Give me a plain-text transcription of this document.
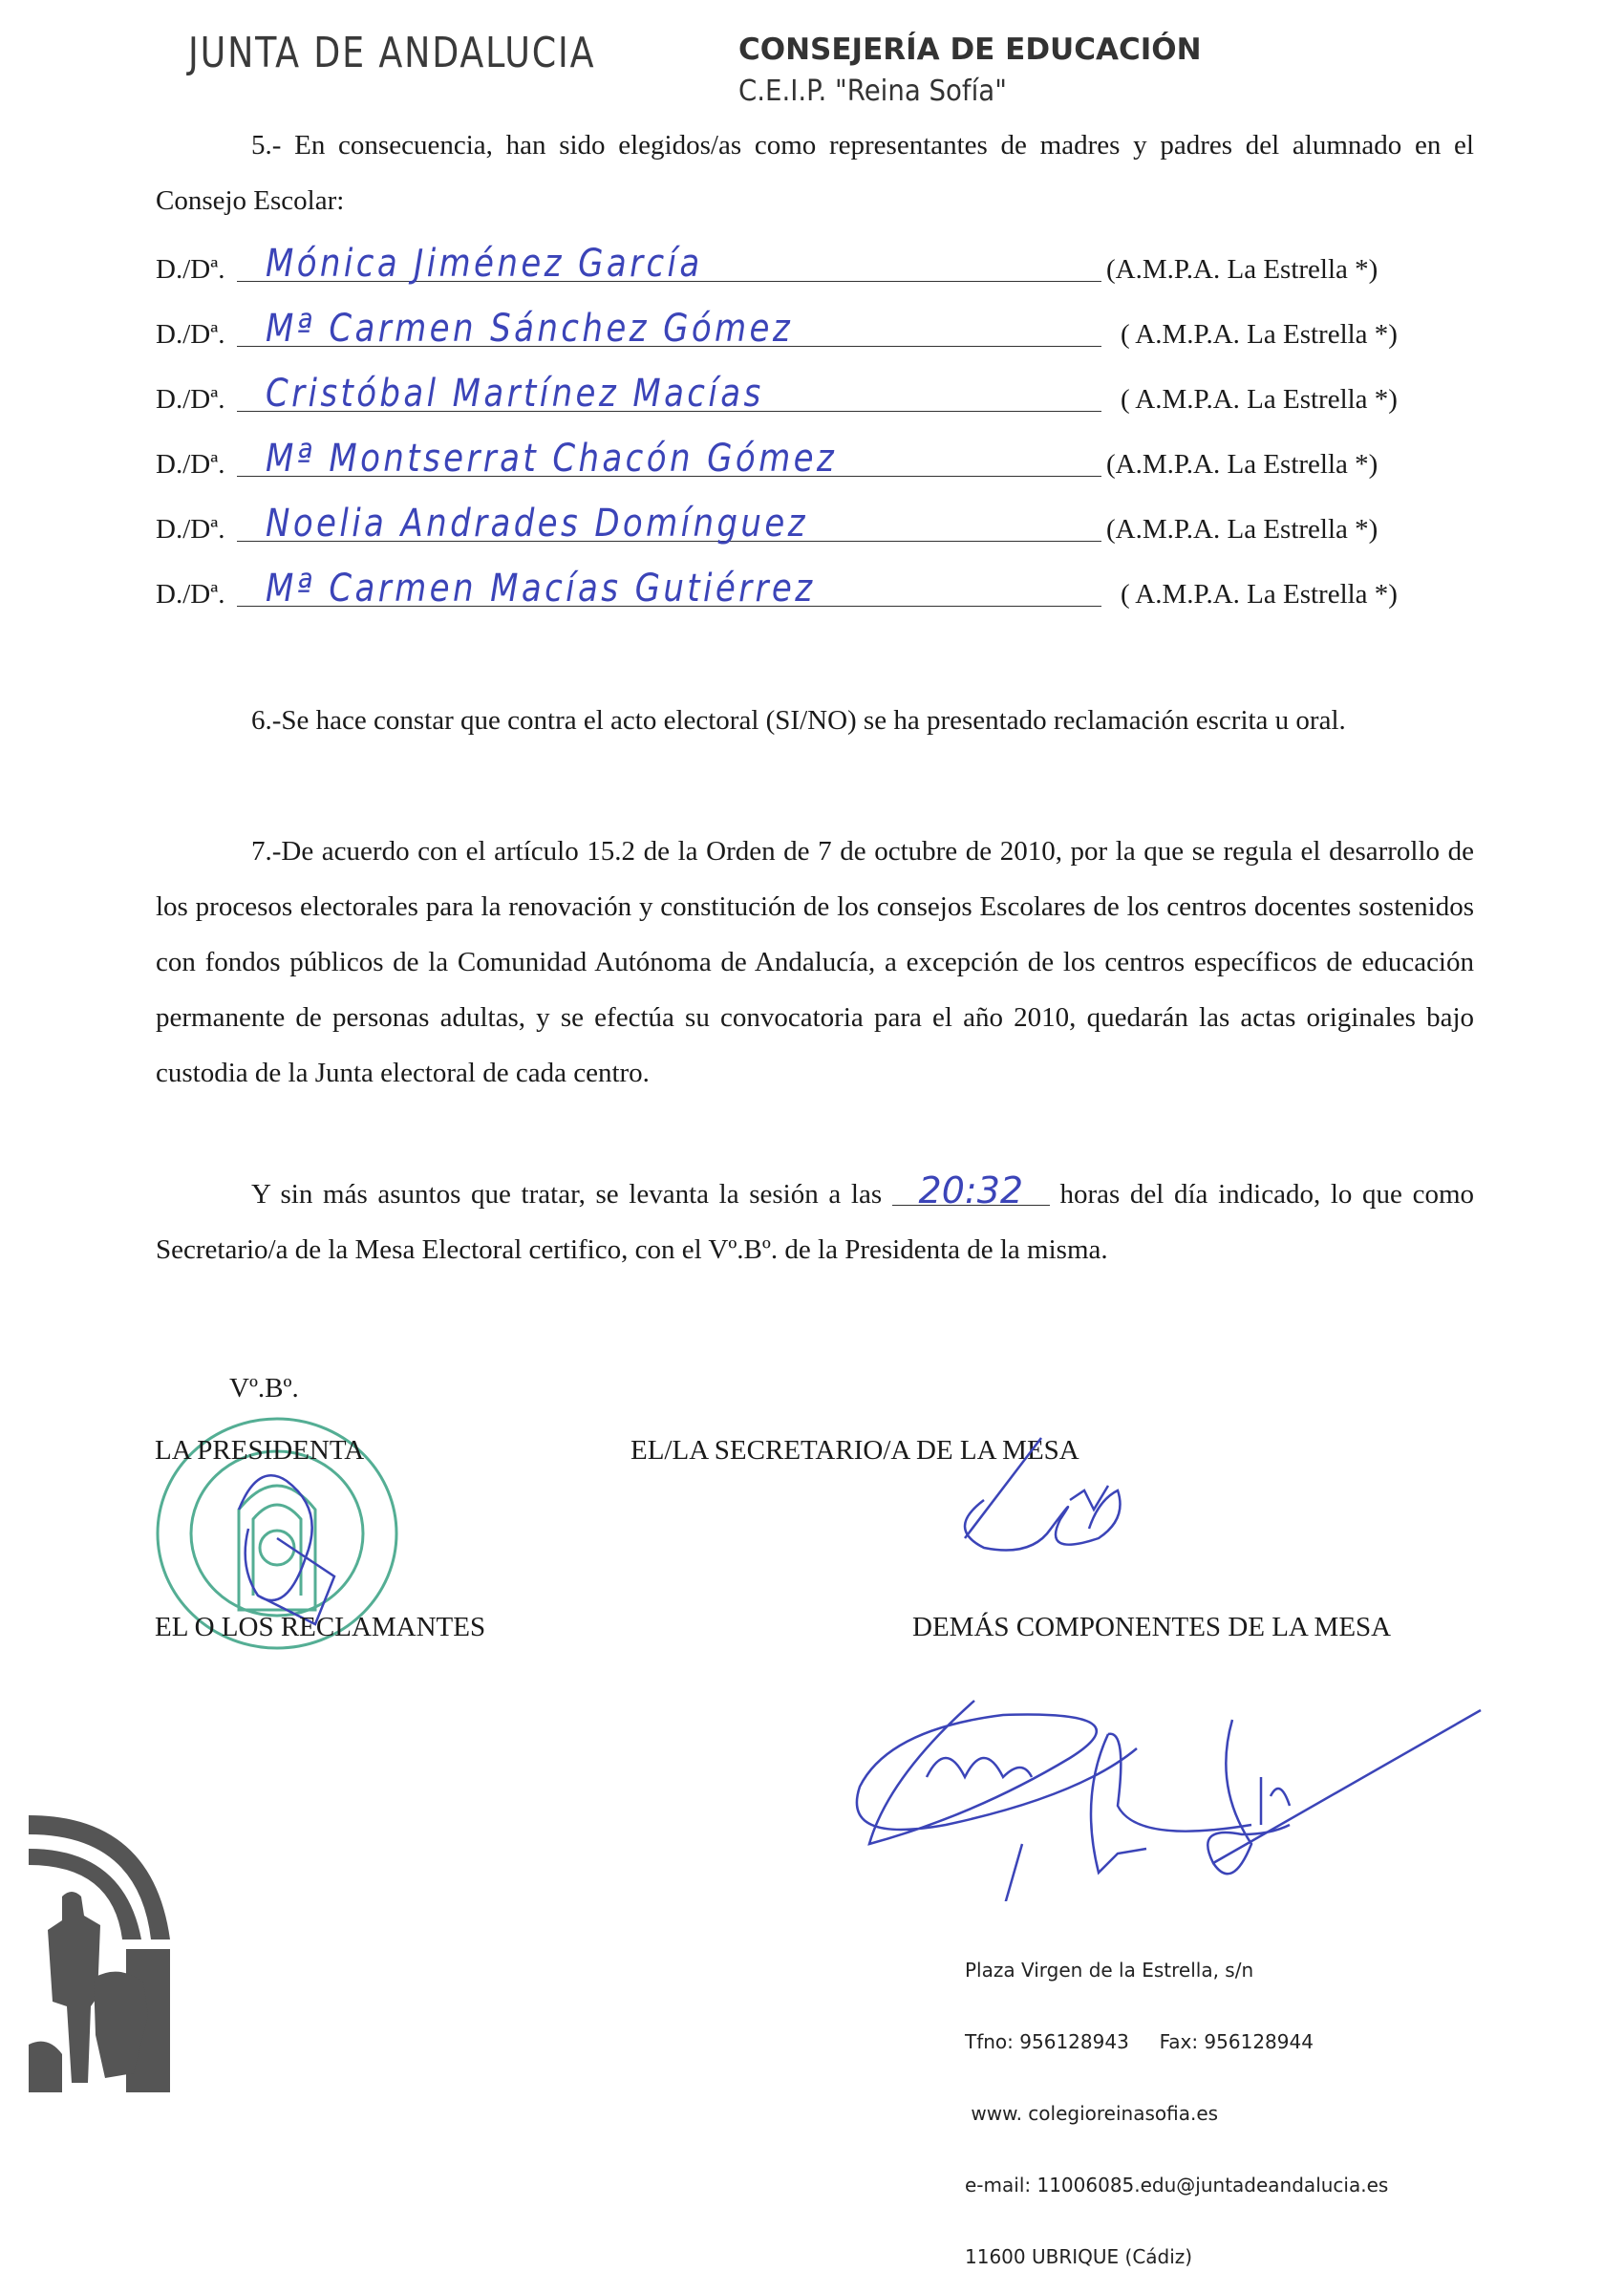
JUNTA DE ANDALUCIA	CONSEJERÍA DE EDUCACIÓN
C.E.I.P. "Reina Sofía"
5.- En consecuencia, han sido elegidos/as como representantes de madres y padres del alumnado en el Consejo Escolar:
D./Dª. Mónica Jiménez García	(A.M.P.A. La Estrella *)
D./Dª. Mª Carmen Sánchez Gómez	( A.M.P.A. La Estrella *)
D./Dª. Cristóbal Martínez Macías	( A.M.P.A. La Estrella *)
D./Dª. Mª Montserrat Chacón Gómez	(A.M.P.A. La Estrella *)
D./Dª. Noelia Andrades Domínguez	(A.M.P.A. La Estrella *)
D./Dª. Mª Carmen Macías Gutiérrez	( A.M.P.A. La Estrella *)
6.-Se hace constar que contra el acto electoral (SI/NO) se ha presentado reclamación escrita u oral.
7.-De acuerdo con el artículo 15.2 de la Orden de 7 de octubre de 2010, por la que se regula el desarrollo de los procesos electorales para la renovación y constitución de los consejos Escolares de los centros docentes sostenidos con fondos públicos de la Comunidad Autónoma de Andalucía, a excepción de los centros específicos de educación permanente de personas adultas, y se efectúa su convocatoria para el año 2010, quedarán las actas originales bajo custodia de la Junta electoral de cada centro.
Y sin más asuntos que tratar, se levanta la sesión a las 20:32 horas del día indicado, lo que como Secretario/a de la Mesa Electoral certifico, con el Vº.Bº. de la Presidenta de la misma.
Vº.Bº.
LA PRESIDENTA	EL/LA SECRETARIO/A DE LA MESA
EL O LOS RECLAMANTES	DEMÁS COMPONENTES DE LA MESA

Plaza Virgen de la Estrella, s/n

Tfno: 956128943     Fax: 956128944

www. colegioreinasofia.es

e-mail: 11006085.edu@juntadeandalucia.es

11600 UBRIQUE (Cádiz)
